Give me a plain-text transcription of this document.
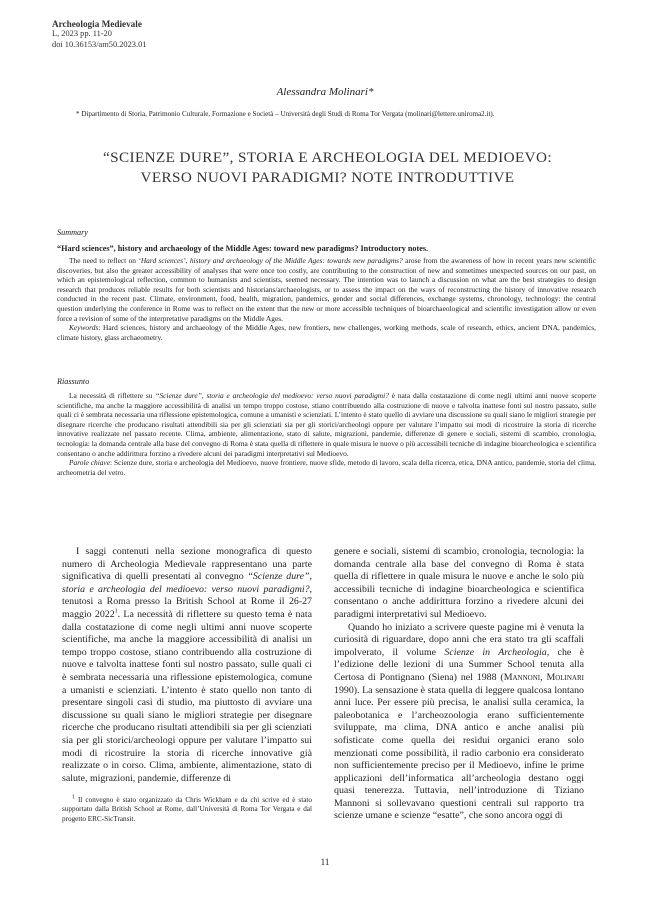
Archeologia Medievale
L, 2023 pp. 11-20
doi 10.36153/am50.2023.01
Alessandra Molinari*
* Dipartimento di Storia, Patrimonio Culturale, Formazione e Società – Università degli Studi di Roma Tor Vergata (molinari@lettere.uniroma2.it).
“SCIENZE DURE”, STORIA E ARCHEOLOGIA DEL MEDIOEVO:
VERSO NUOVI PARADIGMI? NOTE INTRODUTTIVE
Summary
“Hard sciences”, history and archaeology of the Middle Ages: toward new paradigms? Introductory notes.

The need to reflect on ‘Hard sciences’, history and archaeology of the Middle Ages: towards new paradigms? arose from the awareness of how in recent years new scientific discoveries, but also the greater accessibility of analyses that were once too costly, are contributing to the construction of new and sometimes unexpected sources on our past, on which an epistemological reflection, common to humanists and scientists, seemed necessary. The intention was to launch a discussion on what are the best strategies to design research that produces reliable results for both scientists and historians/archaeologists, or to assess the impact on the ways of reconstructing the history of innovative research conducted in the recent past. Climate, environment, food, health, migration, pandemics, gender and social differences, exchange systems, chronology, technology: the central question underlying the conference in Rome was to reflect on the extent that the new or more accessible techniques of bioarchaeological and scientific investigation allow or even force a revision of some of the interpretative paradigms on the Middle Ages.

Keywords: Hard sciences, history and archaeology of the Middle Ages, new frontiers, new challenges, working methods, scale of research, ethics, ancient DNA, pandemics, climate history, glass archaeometry.

Riassunto

La necessità di riflettere su “Scienze dure”, storia e archeologia del medioevo: verso nuovi paradigmi? è nata dalla costatazione di come negli ultimi anni nuove scoperte scientifiche, ma anche la maggiore accessibilità di analisi un tempo troppo costose, stiano contribuendo alla costruzione di nuove e talvolta inattese fonti sul nostro passato, sulle quali ci è sembrata necessaria una riflessione epistemologica, comune a umanisti e scienziati. L’intento è stato quello di avviare una discussione su quali siano le migliori strategie per disegnare ricerche che producano risultati attendibili sia per gli scienziati sia per gli storici/archeologi oppure per valutare l’impatto sui modi di ricostruire la storia di ricerche innovative realizzate nel passato recente. Clima, ambiente, alimentazione, stato di salute, migrazioni, pandemie, differenze di genere e sociali, sistemi di scambio, cronologia, tecnologia: la domanda centrale alla base del convegno di Roma è stata quella di riflettere in quale misura le nuove o più accessibili tecniche di indagine bioarcheologica e scientifica consentano o anche addirittura forzino a rivedere alcuni dei paradigmi interpretativi sul Medioevo.

Parole chiave: Scienze dure, storia e archeologia del Medioevo, nuove frontiere, nuove sfide, metodo di lavoro, scala della ricerca, etica, DNA antico, pandemie, storia del clima, archeometria del vetro.

I saggi contenuti nella sezione monografica di questo numero di Archeologia Medievale rappresentano una parte significativa di quelli presentati al convegno “Scienze dure”, storia e archeologia del medioevo: verso nuovi paradigmi?, tenutosi a Roma presso la British School at Rome il 26-27 maggio 2022$^1$. La necessità di riflettere su questo tema è nata dalla costatazione di come negli ultimi anni nuove scoperte scientifiche, ma anche la maggiore accessibilità di analisi un tempo troppo costose, stiano contribuendo alla costruzione di nuove e talvolta inattese fonti sul nostro passato, sulle quali ci è sembrata necessaria una riflessione epistemologica, comune a umanisti e scienziati. L’intento è stato quello non tanto di presentare singoli casi di studio, ma piuttosto di avviare una discussione su quali siano le migliori strategie per disegnare ricerche che producano risultati attendibili sia per gli scienziati sia per gli storici/archeologi oppure per valutare l’impatto sui modi di ricostruire la storia di ricerche innovative già realizzate o in corso. Clima, ambiente, alimentazione, stato di salute, migrazioni, pandemie, differenze di

genere e sociali, sistemi di scambio, cronologia, tecnologia: la domanda centrale alla base del convegno di Roma è stata quella di riflettere in quale misura le nuove e anche le solo più accessibili tecniche di indagine bioarcheologica e scientifica consentano o anche addirittura forzino a rivedere alcuni dei paradigmi interpretativi sul Medioevo.

Quando ho iniziato a scrivere queste pagine mi è venuta la curiosità di riguardare, dopo anni che era stato tra gli scaffali impolverato, il volume Scienze in Archeologia, che è l’edizione delle lezioni di una Summer School tenuta alla Certosa di Pontignano (Siena) nel 1988 (Mannoni, Molinari 1990). La sensazione è stata quella di leggere qualcosa lontano anni luce. Per essere più precisa, le analisi sulla ceramica, la paleobotanica e l’archeozoologia erano sufficientemente sviluppate, ma clima, DNA antico e anche analisi più sofisticate come quella dei residui organici erano solo menzionati come possibilità, il radio carbonio era considerato non sufficientemente preciso per il Medioevo, infine le prime applicazioni dell’informatica all’archeologia destano oggi quasi tenerezza. Tuttavia, nell’introduzione di Tiziano Mannoni si sollevavano questioni centrali sul rapporto tra scienze umane e scienze “esatte”, che sono ancora oggi di

$^1$ Il convegno è stato organizzato da Chris Wickham e da chi scrive ed è stato supportato dalla British School at Rome, dall’Università di Roma Tor Vergata e dal progetto ERC-SicTransit.

11
